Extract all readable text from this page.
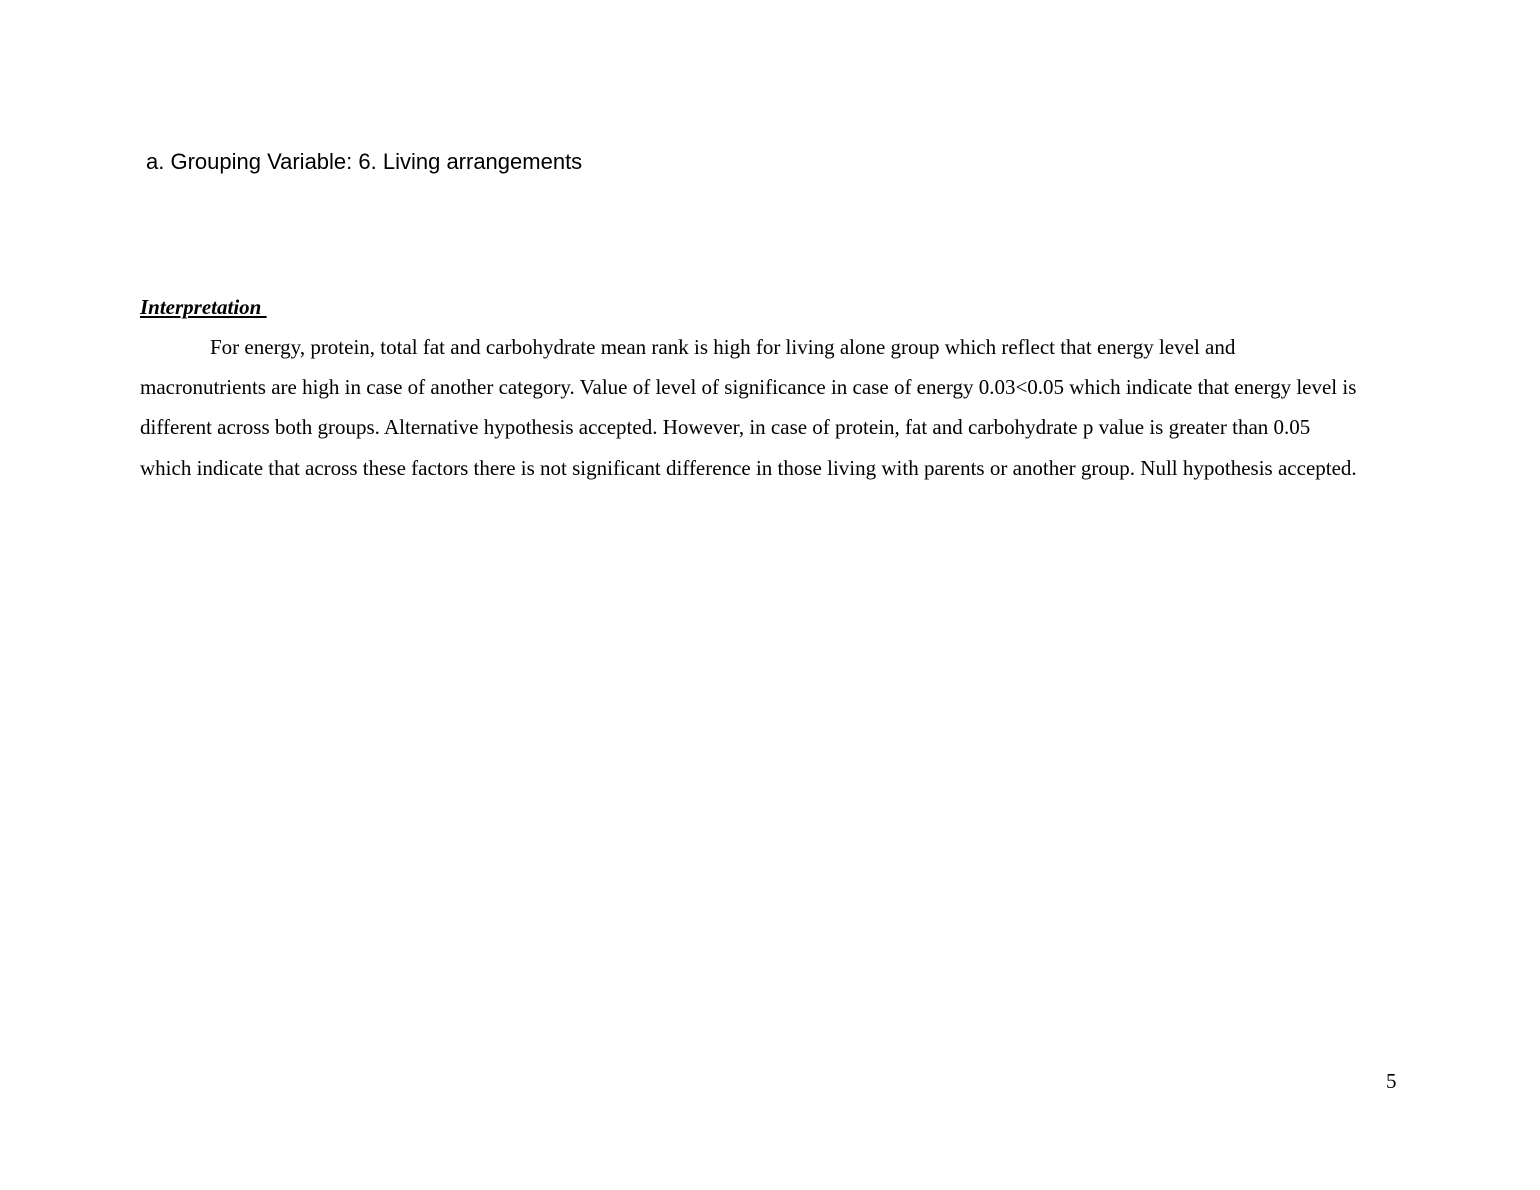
a. Grouping Variable: 6. Living arrangements
Interpretation

For energy, protein, total fat and carbohydrate mean rank is high for living alone group which reflect that energy level and macronutrients are high in case of another category. Value of level of significance in case of energy 0.03<0.05 which indicate that energy level is different across both groups. Alternative hypothesis accepted. However, in case of protein, fat and carbohydrate p value is greater than 0.05 which indicate that across these factors there is not significant difference in those living with parents or another group. Null hypothesis accepted.

5
